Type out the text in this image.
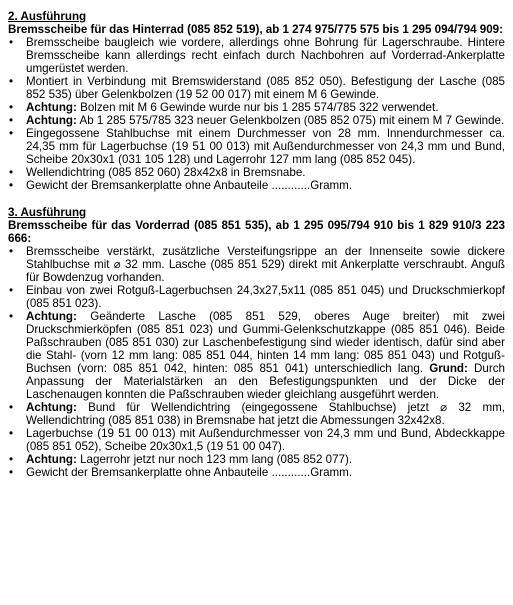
2. Ausführung
Bremsscheibe für das Hinterrad (085 852 519), ab 1 274 975/775 575 bis 1 295 094/794 909:
• Bremsscheibe baugleich wie vordere, allerdings ohne Bohrung für Lagerschraube. Hintere Bremsscheibe kann allerdings recht einfach durch Nachbohren auf Vorderrad-Ankerplatte umgerüstet werden.
• Montiert in Verbindung mit Bremswiderstand (085 852 050). Befestigung der Lasche (085 852 535) über Gelenkbolzen (19 52 00 017) mit einem M 6 Gewinde.
• Achtung: Bolzen mit M 6 Gewinde wurde nur bis 1 285 574/785 322 verwendet.
• Achtung: Ab 1 285 575/785 323 neuer Gelenkbolzen (085 852 075) mit einem M 7 Gewinde.
• Eingegossene Stahlbuchse mit einem Durchmesser von 28 mm. Innendurchmesser ca. 24,35 mm für Lagerbuchse (19 51 00 013) mit Außendurchmesser von 24,3 mm und Bund, Scheibe 20x30x1 (031 105 128) und Lagerrohr 127 mm lang (085 852 045).
• Wellendichtring (085 852 060) 28x42x8 in Bremsnabe.
• Gewicht der Bremsankerplatte ohne Anbauteile ............Gramm.
3. Ausführung
Bremsscheibe für das Vorderrad (085 851 535), ab 1 295 095/794 910 bis 1 829 910/3 223 666:
• Bremsscheibe verstärkt, zusätzliche Versteifungsrippe an der Innenseite sowie dickere Stahlbuchse mit ⌀ 32 mm. Lasche (085 851 529) direkt mit Ankerplatte verschraubt. Anguß für Bowdenzug vorhanden.
• Einbau von zwei Rotguß-Lagerbuchsen 24,3x27,5x11 (085 851 045) und Druckschmierkopf (085 851 023).
• Achtung: Geänderte Lasche (085 851 529, oberes Auge breiter) mit zwei Druckschmierköpfen (085 851 023) und Gummi-Gelenkschutzkappe (085 851 046). Beide Paßschrauben (085 851 030) zur Laschenbefestigung sind wieder identisch, dafür sind aber die Stahl- (vorn 12 mm lang: 085 851 044, hinten 14 mm lang: 085 851 043) und Rotguß-Buchsen (vorn: 085 851 042, hinten: 085 851 041) unterschiedlich lang. Grund: Durch Anpassung der Materialstärken an den Befestigungspunkten und der Dicke der Laschenaugen konnten die Paßschrauben wieder gleichlang ausgeführt werden.
• Achtung: Bund für Wellendichtring (eingegossene Stahlbuchse) jetzt ⌀ 32 mm, Wellendichtring (085 851 038) in Bremsnabe hat jetzt die Abmessungen 32x42x8.
• Lagerbuchse (19 51 00 013) mit Außendurchmesser von 24,3 mm und Bund, Abdeckkappe (085 851 052), Scheibe 20x30x1,5 (19 51 00 047).
• Achtung: Lagerrohr jetzt nur noch 123 mm lang (085 852 077).
• Gewicht der Bremsankerplatte ohne Anbauteile ............Gramm.
